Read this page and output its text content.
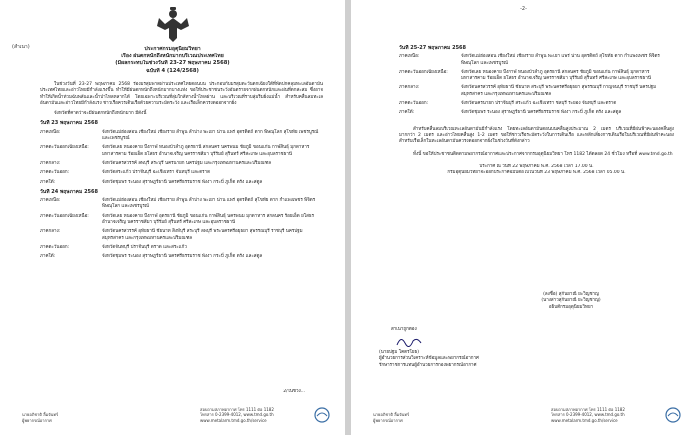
(สำเนา)	ประกาศกรมอุตุนิยมวิทยา
เรื่อง ฝนตกหนักถึงหนักมากบริเวณประเทศไทย
(มีผลกระทบในช่วงวันที่ 23-27 พฤษภาคม 2568)
ฉบับที่ 4 (124/2568)
ในช่วงวันที่ 23-27 พฤษภาคม 2568 ร่องมรสุมพาดผ่านประเทศไทยตอนบน ประกอบกับมรสุมตะวันตกเฉียงใต้ที่พัดปกคลุมทะเลอันดามัน ประเทศไทยและอ่าวไทยมีกำลังแรงขึ้น ทำให้มีฝนตกหนักถึงหนักมากบางแห่ง ขอให้ประชาชนระวังอันตรายจากฝนตกหนักและฝนที่ตกสะสม ซึ่งอาจทำให้เกิดน้ำท่วมฉับพลันและน้ำป่าไหลหลากได้ โดยเฉพาะบริเวณที่ลุ่มใกล้ทางน้ำไหลผ่าน และบริเวณที่ราบลุ่มริมฝั่งแม่น้ำ สำหรับคลื่นลมทะเลอันดามันและอ่าวไทยมีกำลังแรง ชาวเรือควรเดินเรือด้วยความระมัดระวัง และเรือเล็กควรงดออกจากฝั่ง
จังหวัดที่คาดว่าจะมีฝนตกหนักถึงหนักมาก มีดังนี้
วันที่ 23 พฤษภาคม 2568
ภาคเหนือ:	จังหวัดแม่ฮ่องสอน เชียงใหม่ เชียงราย ลำพูน ลำปาง พะเยา น่าน แพร่ อุตรดิตถ์ ตาก พิษณุโลก สุโขทัย เพชรบูรณ์ และเพชรบูรณ์
ภาคตะวันออกเฉียงเหนือ:	จังหวัดเลย หนองคาย บึงกาฬ หนองบัวลำภู อุดรธานี สกลนคร นครพนม ชัยภูมิ ขอนแก่น กาฬสินธุ์ มุกดาหาร มหาสารคาม ร้อยเอ็ด ยโสธร อำนาจเจริญ นครราชสีมา บุรีรัมย์ สุรินทร์ ศรีสะเกษ และอุบลราชธานี
ภาคกลาง:	จังหวัดนครสวรรค์ ลพบุรี สระบุรี นครนายก นครปฐม และกรุงเทพมหานครและปริมณฑล
ภาคตะวันออก:	จังหวัดสระแก้ว ปราจีนบุรี ฉะเชิงเทรา จันทบุรี และตราด
ภาคใต้:	จังหวัดชุมพร ระนอง สุราษฎร์ธานี นครศรีธรรมราช พังงา กระบี่ ภูเก็ต ตรัง และสตูล
วันที่ 24 พฤษภาคม 2568
ภาคเหนือ:	จังหวัดแม่ฮ่องสอน เชียงใหม่ เชียงราย ลำพูน ลำปาง พะเยา น่าน แพร่ อุตรดิตถ์ สุโขทัย ตาก กำแพงเพชร พิจิตร พิษณุโลก และเพชรบูรณ์
ภาคตะวันออกเฉียงเหนือ:	จังหวัดเลย หนองคาย บึงกาฬ อุดรธานี ชัยภูมิ ขอนแก่น กาฬสินธุ์ นครพนม มุกดาหาร สกลนคร ร้อยเอ็ด ยโสธร อำนาจเจริญ นครราชสีมา บุรีรัมย์ สุรินทร์ ศรีสะเกษ และอุบลราชธานี
ภาคกลาง:	จังหวัดนครสวรรค์ อุทัยธานี ชัยนาท สิงห์บุรี สระบุรี ลพบุรี พระนครศรีอยุธยา สุพรรณบุรี ราชบุรี นครปฐม สมุทรสาคร และกรุงเทพมหานครและปริมณฑล
ภาคตะวันออก:	จังหวัดจันทบุรี ปราจีนบุรี ตราด และสระแก้ว
ภาคใต้:	จังหวัดชุมพร ระนอง สุราษฎร์ธานี นครศรีธรรมราช พังงา กระบี่ ภูเก็ต ตรัง และสตูล
2/ในช่วง...
นายอภิชาติ ลิ้มจันทร์
ผู้พยากรณ์อากาศ
สอบถามสภาพอากาศ โทร 1111 ต่อ 1182
โทรสาร 0-2399-4012, www.tmd.go.th
www.metalarm.tmd.go.th/service
-2-
วันที่ 25-27 พฤษภาคม 2568
ภาคเหนือ:	จังหวัดแม่ฮ่องสอน เชียงใหม่ เชียงราย ลำพูน พะเยา แพร่ น่าน อุตรดิตถ์ สุโขทัย ตาก กำแพงเพชร พิจิตร พิษณุโลก และเพชรบูรณ์
ภาคตะวันออกเฉียงเหนือ:	จังหวัดเลย หนองคาย บึงกาฬ หนองบัวลำภู อุดรธานี สกลนคร ชัยภูมิ ขอนแก่น กาฬสินธุ์ มุกดาหาร มหาสารคาม ร้อยเอ็ด ยโสธร อำนาจเจริญ นครราชสีมา บุรีรัมย์ สุรินทร์ ศรีสะเกษ และอุบลราชธานี
ภาคกลาง:	จังหวัดนครสวรรค์ อุทัยธานี ชัยนาท สระบุรี พระนครศรีอยุธยา สุพรรณบุรี กาญจนบุรี ราชบุรี นครปฐม สมุทรสาคร และกรุงเทพมหานครและปริมณฑล
ภาคตะวันออก:	จังหวัดนครนายก ปราจีนบุรี สระแก้ว ฉะเชิงเทรา ชลบุรี ระยอง จันทบุรี และตราด
ภาคใต้:	จังหวัดชุมพร ระนอง สุราษฎร์ธานี นครศรีธรรมราช พังงา กระบี่ ภูเก็ต ตรัง และสตูล
สำหรับคลื่นลมบริเวณทะเลอันดามันมีกำลังแรง โดยทะเลอันดามันตอนบนคลื่นสูงประมาณ 2 เมตร บริเวณที่มีฝนฟ้าคะนองคลื่นสูงมากกว่า 2 เมตร และอ่าวไทยคลื่นสูง 1-2 เมตร ขอให้ชาวเรือระมัดระวังในการเดินเรือ และหลีกเลี่ยงการเดินเรือในบริเวณที่มีฝนฟ้าคะนอง สำหรับเรือเล็กในทะเลอันดามันควรงดออกจากฝั่งในช่วงวันที่ดังกล่าว
ทั้งนี้ ขอให้ประชาชนติดตามพยากรณ์อากาศและประกาศจากกรมอุตุนิยมวิทยา โทร 1182 ได้ตลอด 24 ชั่วโมง หรือที่ www.tmd.go.th
ประกาศ ณ วันที่ 22 พฤษภาคม พ.ศ. 2568 เวลา 17.00 น.
กรมอุตุนิยมวิทยาจะออกประกาศฉบับต่อไปในวันที่ 23 พฤษภาคม พ.ศ. 2568 เวลา 05.00 น.
(ลงชื่อ) สุกันยาณี ยะวิญชาญ
(นางสาวสุกันยาณี ยะวิญชาญ)
อธิบดีกรมอุตุนิยมวิทยา
สำเนาถูกต้อง
(นายปฐม โคตรโยธ)
ผู้อำนวยการส่วนวิเคราะห์ข้อมูลและพยากรณ์อากาศ
รักษาราชการแทนผู้อำนวยการกองพยากรณ์อากาศ
นายอภิชาติ ลิ้มจันทร์
ผู้พยากรณ์อากาศ
สอบถามสภาพอากาศ โทร 1111 ต่อ 1182
โทรสาร 0-2399-4012, www.tmd.go.th
www.metalarm.tmd.go.th/service
